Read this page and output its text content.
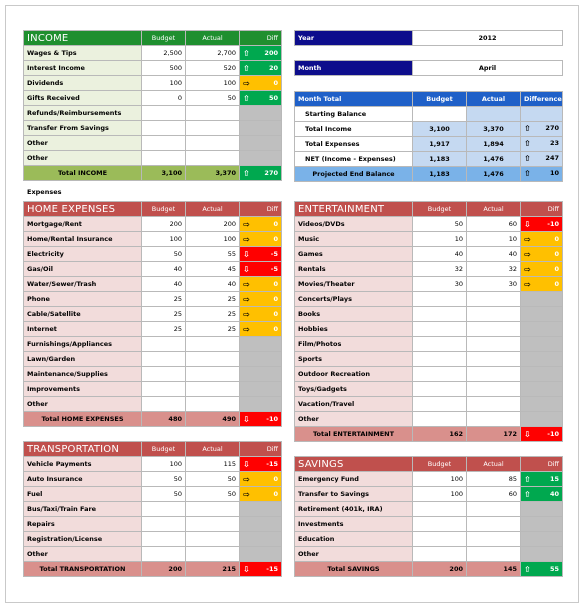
INCOME	Budget	Actual	Diff
Wages & Tips	2,500	2,700	⇧ 200
Interest Income	500	520	⇧ 20
Dividends	100	100	⇨ 0
Gifts Received	0	50	⇧ 50
Refunds/Reimbursements			
Transfer From Savings			
Other			
Other			
Total INCOME	3,100	3,370	⇧ 270
Year	2012

Month	April

Month Total	Budget	Actual	Difference
Starting Balance			
Total Income	3,100	3,370	⇧ 270
Total Expenses	1,917	1,894	⇧ 23
NET (Income - Expenses)	1,183	1,476	⇧ 247
Projected End Balance	1,183	1,476	⇧ 10
Expenses
HOME EXPENSES	Budget	Actual	Diff
Mortgage/Rent	200	200	⇨ 0
Home/Rental Insurance	100	100	⇨ 0
Electricity	50	55	⇩ -5
Gas/Oil	40	45	⇩ -5
Water/Sewer/Trash	40	40	⇨ 0
Phone	25	25	⇨ 0
Cable/Satellite	25	25	⇨ 0
Internet	25	25	⇨ 0
Furnishings/Appliances			
Lawn/Garden			
Maintenance/Supplies			
Improvements			
Other			
Total HOME EXPENSES	480	490	⇩ -10
ENTERTAINMENT	Budget	Actual	Diff
Videos/DVDs	50	60	⇩ -10
Music	10	10	⇨ 0
Games	40	40	⇨ 0
Rentals	32	32	⇨ 0
Movies/Theater	30	30	⇨ 0
Concerts/Plays			
Books			
Hobbies			
Film/Photos			
Sports			
Outdoor Recreation			
Toys/Gadgets			
Vacation/Travel			
Other			
Total ENTERTAINMENT	162	172	⇩ -10
TRANSPORTATION	Budget	Actual	Diff
Vehicle Payments	100	115	⇩ -15
Auto Insurance	50	50	⇨ 0
Fuel	50	50	⇨ 0
Bus/Taxi/Train Fare			
Repairs			
Registration/License			
Other			
Total TRANSPORTATION	200	215	⇩ -15
SAVINGS	Budget	Actual	Diff
Emergency Fund	100	85	⇧ 15
Transfer to Savings	100	60	⇧ 40
Retirement (401k, IRA)			
Investments			
Education			
Other			
Total SAVINGS	200	145	⇧ 55
